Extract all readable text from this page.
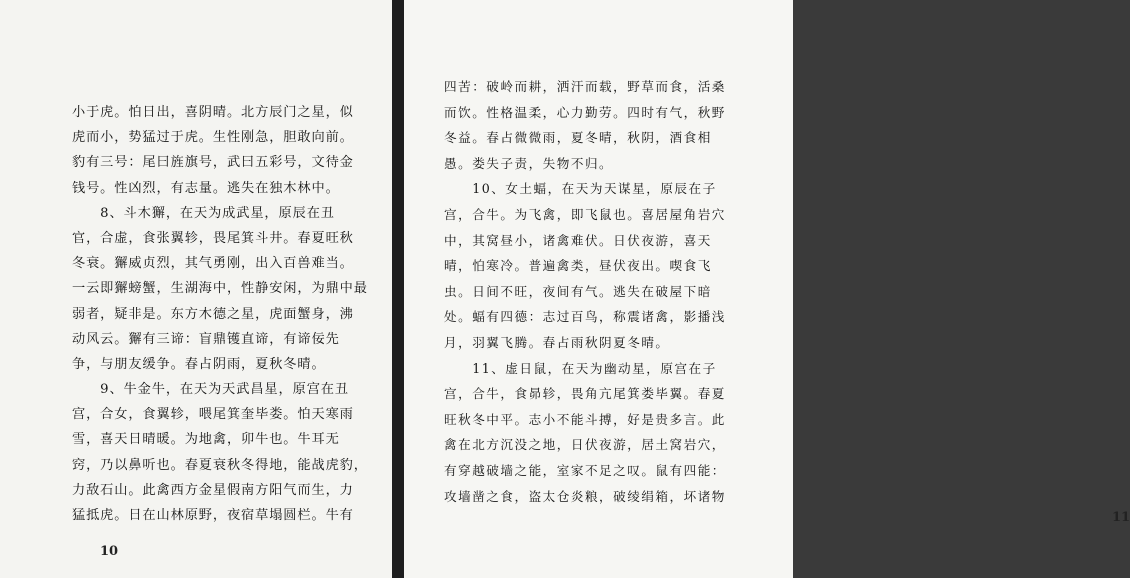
小于虎。怕日出，喜阴晴。北方辰门之星，似
虎而小，势猛过于虎。生性刚急，胆敢向前。
豹有三号：尾曰旌旗号，武曰五彩号，文待金
钱号。性凶烈，有志量。逃失在独木林中。
　　8、斗木獬，在天为成武星，原辰在丑
官，合虚，食张翼轸，畏尾箕斗井。春夏旺秋
冬衰。獬威贞烈，其气勇刚，出入百兽难当。
一云即獬螃蟹，生湖海中，性静安闲，为鼎中最
弱者，疑非是。东方木德之星，虎面蟹身，沸
动风云。獬有三谛：盲鼎镬直谛，有谛佞先
争，与朋友缓争。春占阴雨，夏秋冬晴。
　　9、牛金牛，在天为天武昌星，原宫在丑
宫，合女，食翼轸，喂尾箕奎毕娄。怕天寒雨
雪，喜天日晴暖。为地禽，卯牛也。牛耳无
窍，乃以鼻听也。春夏衰秋冬得地，能战虎豹，
力敌石山。此禽西方金星假南方阳气而生，力
猛抵虎。日在山林原野，夜宿草塌圆栏。牛有
10
四苦：破岭而耕，洒汗而载，野草而食，活桑
而饮。性格温柔，心力勤劳。四时有气，秋野
冬益。春占微微雨，夏冬晴，秋阴，酒食相
愚。娄失子责，失物不归。
　　10、女土蝠，在天为天谋星，原辰在子
宫，合牛。为飞禽，即飞鼠也。喜居屋角岩穴
中，其窝昼小，诸禽难伏。日伏夜游，喜天
晴，怕寒冷。普遍禽类，昼伏夜出。喫食飞
虫。日间不旺，夜间有气。逃失在破屋下暗
处。蝠有四德：志过百鸟，称震诸禽，影播浅
月，羽翼飞腾。春占雨秋阴夏冬晴。
　　11、虚日鼠，在天为幽动星，原宫在子
宫，合牛，食昴轸，畏角亢尾箕娄毕翼。春夏
旺秋冬中平。志小不能斗搏，好是贵多言。此
禽在北方沉没之地，日伏夜游，居土窝岩穴，
有穿越破墙之能，室家不足之叹。鼠有四能：
攻墙凿之食，盗太仓炎粮，破绫绢箱，坏诸物
11
